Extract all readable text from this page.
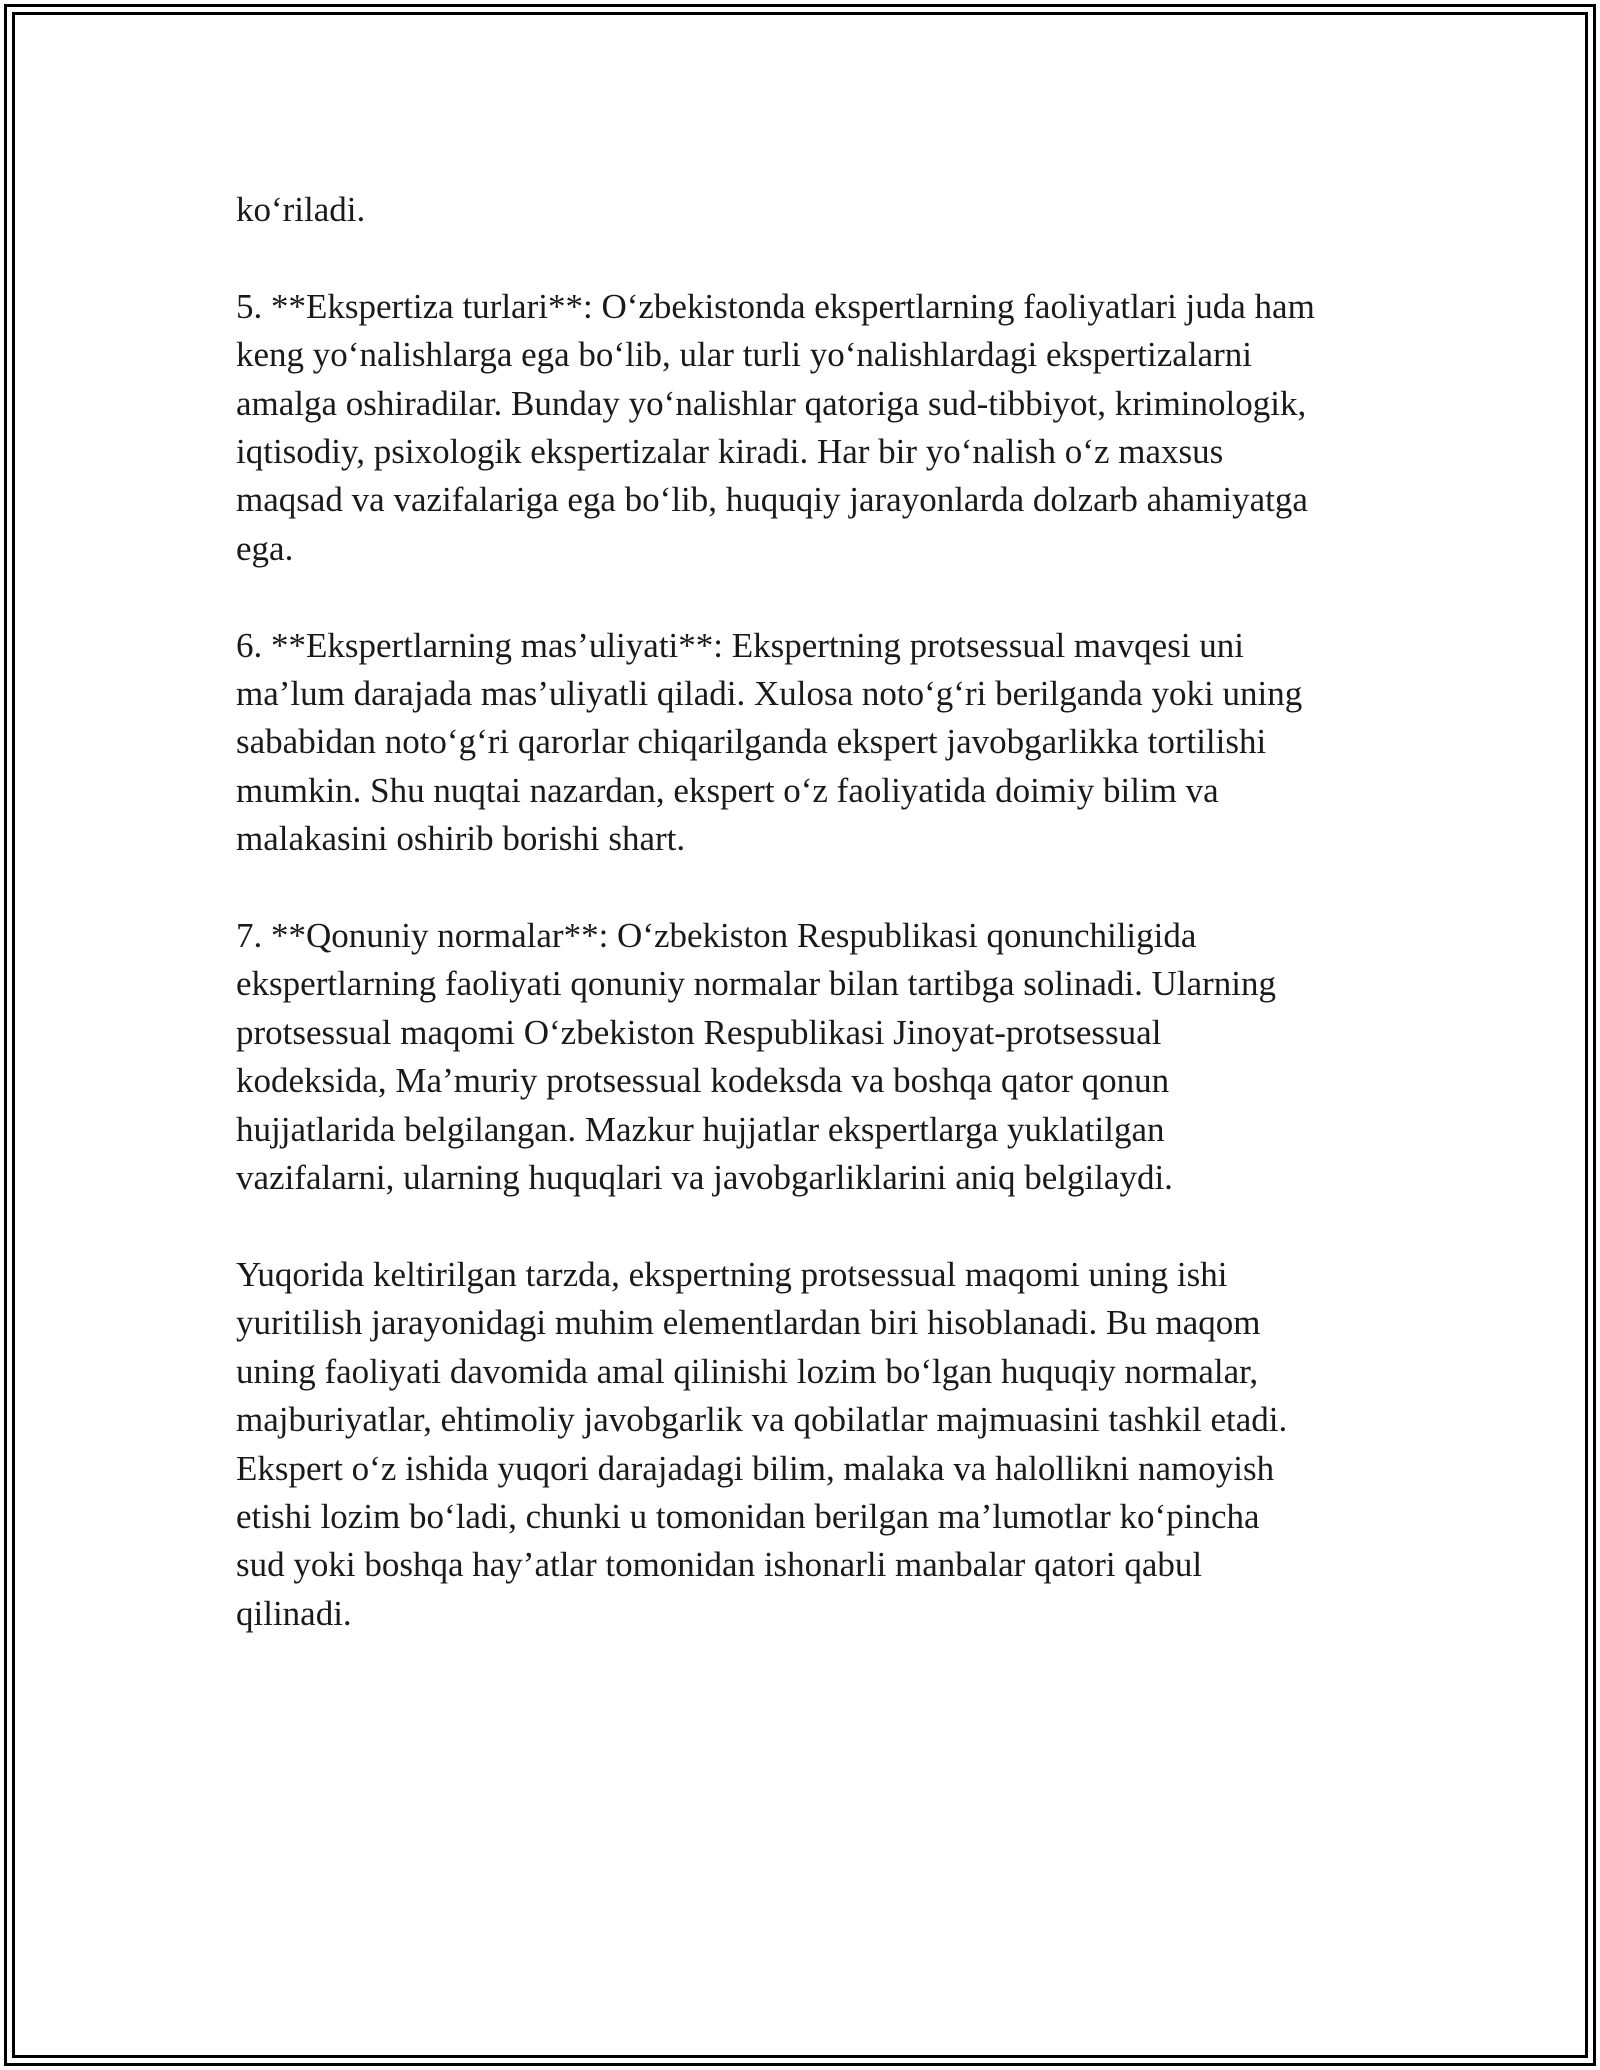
ko‘riladi.

5. **Ekspertiza turlari**: O‘zbekistonda ekspertlarning faoliyatlari juda ham
keng yo‘nalishlarga ega bo‘lib, ular turli yo‘nalishlardagi ekspertizalarni
amalga oshiradilar. Bunday yo‘nalishlar qatoriga sud-tibbiyot, kriminologik,
iqtisodiy, psixologik ekspertizalar kiradi. Har bir yo‘nalish o‘z maxsus
maqsad va vazifalariga ega bo‘lib, huquqiy jarayonlarda dolzarb ahamiyatga
ega.

6. **Ekspertlarning mas’uliyati**: Ekspertning protsessual mavqesi uni
ma’lum darajada mas’uliyatli qiladi. Xulosa noto‘g‘ri berilganda yoki uning
sababidan noto‘g‘ri qarorlar chiqarilganda ekspert javobgarlikka tortilishi
mumkin. Shu nuqtai nazardan, ekspert o‘z faoliyatida doimiy bilim va
malakasini oshirib borishi shart.

7. **Qonuniy normalar**: O‘zbekiston Respublikasi qonunchiligida
ekspertlarning faoliyati qonuniy normalar bilan tartibga solinadi. Ularning
protsessual maqomi O‘zbekiston Respublikasi Jinoyat-protsessual
kodeksida, Ma’muriy protsessual kodeksda va boshqa qator qonun
hujjatlarida belgilangan. Mazkur hujjatlar ekspertlarga yuklatilgan
vazifalarni, ularning huquqlari va javobgarliklarini aniq belgilaydi.

Yuqorida keltirilgan tarzda, ekspertning protsessual maqomi uning ishi
yuritilish jarayonidagi muhim elementlardan biri hisoblanadi. Bu maqom
uning faoliyati davomida amal qilinishi lozim bo‘lgan huquqiy normalar,
majburiyatlar, ehtimoliy javobgarlik va qobilatlar majmuasini tashkil etadi.
Ekspert o‘z ishida yuqori darajadagi bilim, malaka va halollikni namoyish
etishi lozim bo‘ladi, chunki u tomonidan berilgan ma’lumotlar ko‘pincha
sud yoki boshqa hay’atlar tomonidan ishonarli manbalar qatori qabul
qilinadi.
